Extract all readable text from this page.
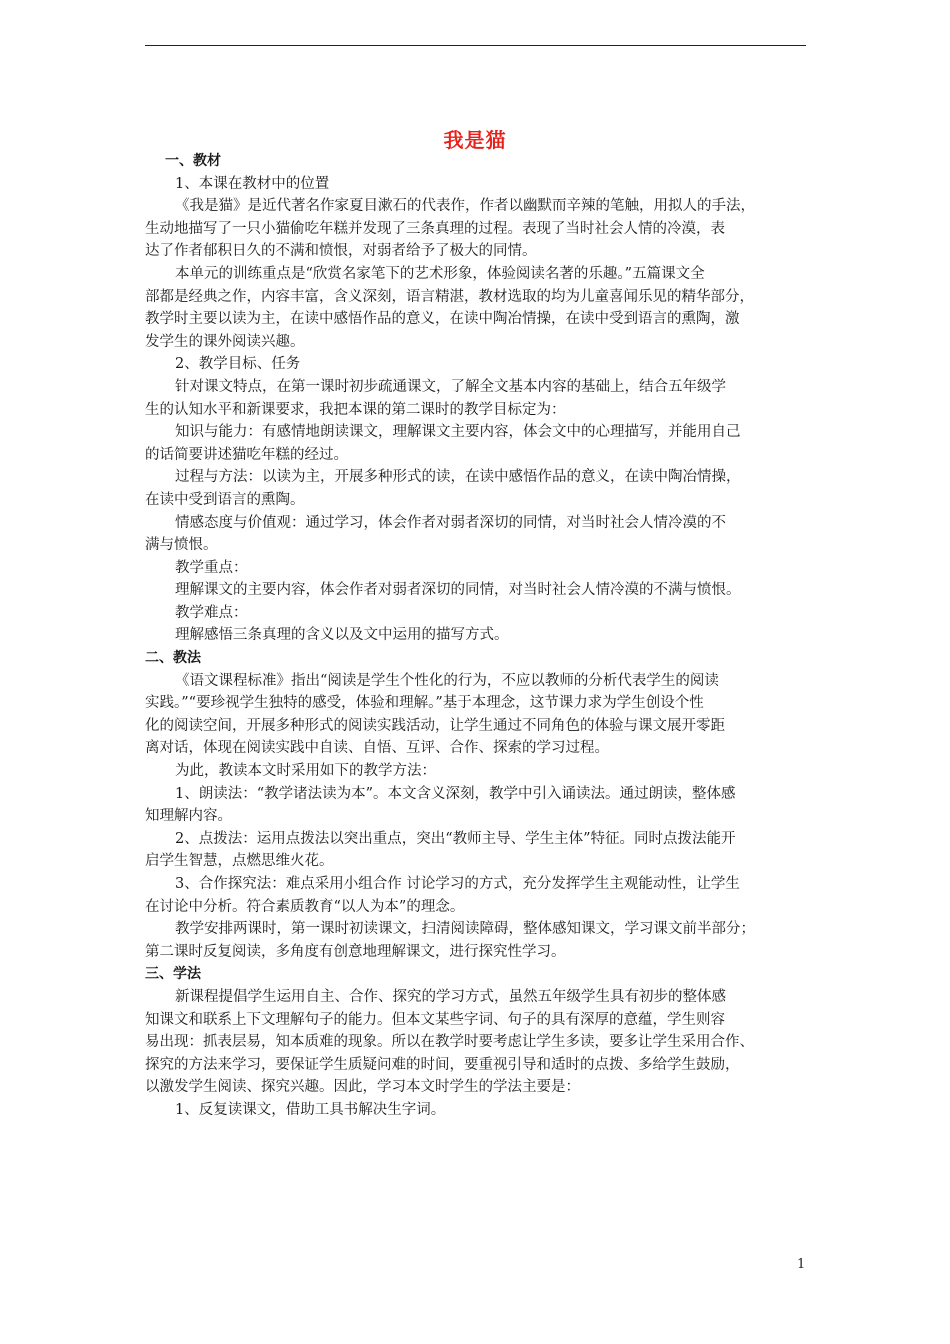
我是猫

一、教材

1、本课在教材中的位置

《我是猫》是近代著名作家夏目漱石的代表作，作者以幽默而辛辣的笔触，用拟人的手法，

生动地描写了一只小猫偷吃年糕并发现了三条真理的过程。表现了当时社会人情的冷漠，表

达了作者郁积日久的不满和愤恨，对弱者给予了极大的同情。

本单元的训练重点是“欣赏名家笔下的艺术形象，体验阅读名著的乐趣。”五篇课文全

部都是经典之作，内容丰富，含义深刻，语言精湛，教材选取的均为儿童喜闻乐见的精华部分，

教学时主要以读为主，在读中感悟作品的意义，在读中陶冶情操，在读中受到语言的熏陶，激

发学生的课外阅读兴趣。

2、教学目标、任务

针对课文特点，在第一课时初步疏通课文，了解全文基本内容的基础上，结合五年级学

生的认知水平和新课要求，我把本课的第二课时的教学目标定为：

知识与能力：有感情地朗读课文，理解课文主要内容，体会文中的心理描写，并能用自己

的话简要讲述猫吃年糕的经过。

过程与方法：以读为主，开展多种形式的读，在读中感悟作品的意义，在读中陶冶情操，

在读中受到语言的熏陶。

情感态度与价值观：通过学习，体会作者对弱者深切的同情，对当时社会人情冷漠的不

满与愤恨。

教学重点：

理解课文的主要内容，体会作者对弱者深切的同情，对当时社会人情冷漠的不满与愤恨。

教学难点：

理解感悟三条真理的含义以及文中运用的描写方式。

二、教法

《语文课程标准》指出“阅读是学生个性化的行为，不应以教师的分析代表学生的阅读

实践。”“要珍视学生独特的感受，体验和理解。”基于本理念，这节课力求为学生创设个性

化的阅读空间，开展多种形式的阅读实践活动，让学生通过不同角色的体验与课文展开零距

离对话，体现在阅读实践中自读、自悟、互评、合作、探索的学习过程。

为此，教读本文时采用如下的教学方法：

1、朗读法：“教学诸法读为本”。本文含义深刻，教学中引入诵读法。通过朗读，整体感

知理解内容。

2、点拨法：运用点拨法以突出重点，突出“教师主导、学生主体”特征。同时点拨法能开

启学生智慧，点燃思维火花。

3、合作探究法：难点采用小组合作 讨论学习的方式，充分发挥学生主观能动性，让学生

在讨论中分析。符合素质教育“以人为本”的理念。

教学安排两课时，第一课时初读课文，扫清阅读障碍，整体感知课文，学习课文前半部分；

第二课时反复阅读，多角度有创意地理解课文，进行探究性学习。

三、学法

新课程提倡学生运用自主、合作、探究的学习方式，虽然五年级学生具有初步的整体感

知课文和联系上下文理解句子的能力。但本文某些字词、句子的具有深厚的意蕴，学生则容

易出现：抓表层易，知本质难的现象。所以在教学时要考虑让学生多读，要多让学生采用合作、

探究的方法来学习，要保证学生质疑问难的时间，要重视引导和适时的点拨、多给学生鼓励，

以激发学生阅读、探究兴趣。因此，学习本文时学生的学法主要是：

1、反复读课文，借助工具书解决生字词。

1
